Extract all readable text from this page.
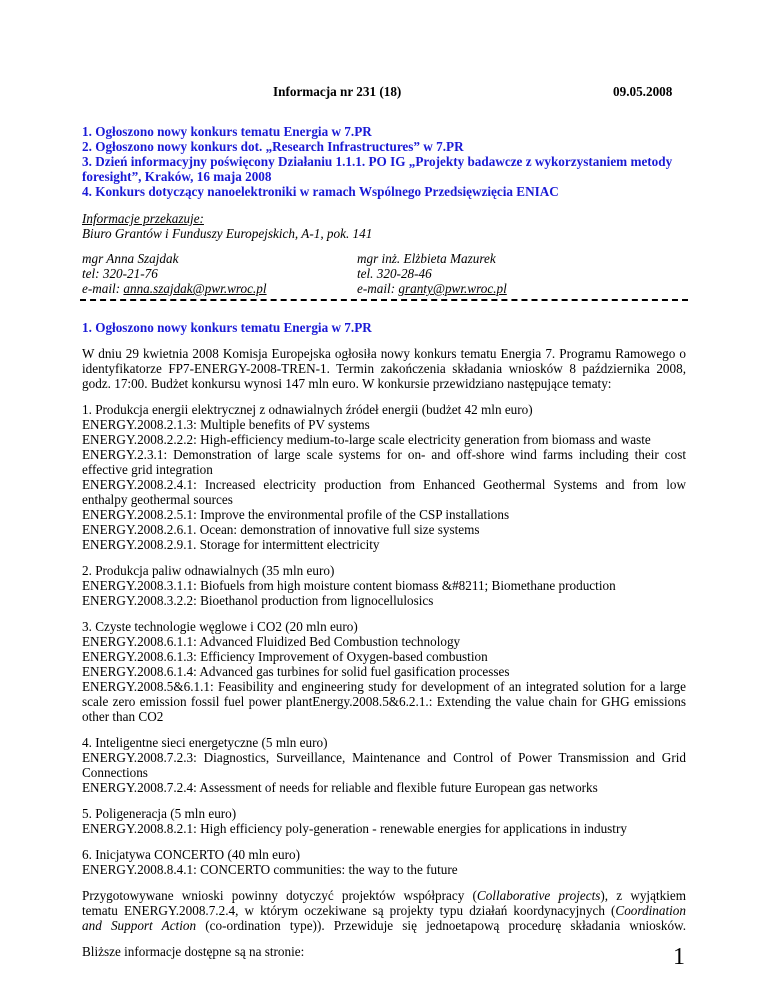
Informacja nr 231 (18)	09.05.2008
1. Ogłoszono nowy konkurs tematu Energia w 7.PR
2. Ogłoszono nowy konkurs dot. „Research Infrastructures” w 7.PR
3. Dzień informacyjny poświęcony Działaniu 1.1.1. PO IG „Projekty badawcze z wykorzystaniem metody
foresight”, Kraków, 16 maja 2008
4. Konkurs dotyczący nanoelektroniki w ramach Wspólnego Przedsięwzięcia ENIAC
Informacje przekazuje:
Biuro Grantów i Funduszy Europejskich, A-1, pok. 141
mgr Anna Szajdak
tel: 320-21-76
e-mail: anna.szajdak@pwr.wroc.pl
mgr inż. Elżbieta Mazurek
tel. 320-28-46
e-mail: granty@pwr.wroc.pl
1. Ogłoszono nowy konkurs tematu Energia w 7.PR
W dniu 29 kwietnia 2008 Komisja Europejska ogłosiła nowy konkurs tematu Energia 7. Programu Ramowego o
identyfikatorze FP7-ENERGY-2008-TREN-1. Termin zakończenia składania wniosków 8 października 2008,
godz. 17:00. Budżet konkursu wynosi 147 mln euro. W konkursie przewidziano następujące tematy:
1. Produkcja energii elektrycznej z odnawialnych źródeł energii (budżet 42 mln euro)
ENERGY.2008.2.1.3: Multiple benefits of PV systems
ENERGY.2008.2.2.2: High-efficiency medium-to-large scale electricity generation from biomass and waste
ENERGY.2.3.1: Demonstration of large scale systems for on- and off-shore wind farms including their cost
effective grid integration
ENERGY.2008.2.4.1: Increased electricity production from Enhanced Geothermal Systems and from low
enthalpy geothermal sources
ENERGY.2008.2.5.1: Improve the environmental profile of the CSP installations
ENERGY.2008.2.6.1. Ocean: demonstration of innovative full size systems
ENERGY.2008.2.9.1. Storage for intermittent electricity
2. Produkcja paliw odnawialnych (35 mln euro)
ENERGY.2008.3.1.1: Biofuels from high moisture content biomass &#8211; Biomethane production
ENERGY.2008.3.2.2: Bioethanol production from lignocellulosics
3. Czyste technologie węglowe i CO2 (20 mln euro)
ENERGY.2008.6.1.1: Advanced Fluidized Bed Combustion technology
ENERGY.2008.6.1.3: Efficiency Improvement of Oxygen-based combustion
ENERGY.2008.6.1.4: Advanced gas turbines for solid fuel gasification processes
ENERGY.2008.5&6.1.1: Feasibility and engineering study for development of an integrated solution for a large
scale zero emission fossil fuel power plantEnergy.2008.5&6.2.1.: Extending the value chain for GHG emissions
other than CO2
4. Inteligentne sieci energetyczne (5 mln euro)
ENERGY.2008.7.2.3: Diagnostics, Surveillance, Maintenance and Control of Power Transmission and Grid
Connections
ENERGY.2008.7.2.4: Assessment of needs for reliable and flexible future European gas networks
5. Poligeneracja (5 mln euro)
ENERGY.2008.8.2.1: High efficiency poly-generation - renewable energies for applications in industry
6. Inicjatywa CONCERTO (40 mln euro)
ENERGY.2008.8.4.1: CONCERTO communities: the way to the future
Przygotowywane wnioski powinny dotyczyć projektów współpracy (Collaborative projects), z wyjątkiem
tematu ENERGY.2008.7.2.4, w którym oczekiwane są projekty typu działań koordynacyjnych (Coordination
and Support Action (co-ordination type)). Przewiduje się jednoetapową procedurę składania wniosków.
Bliższe informacje dostępne są na stronie:	1
